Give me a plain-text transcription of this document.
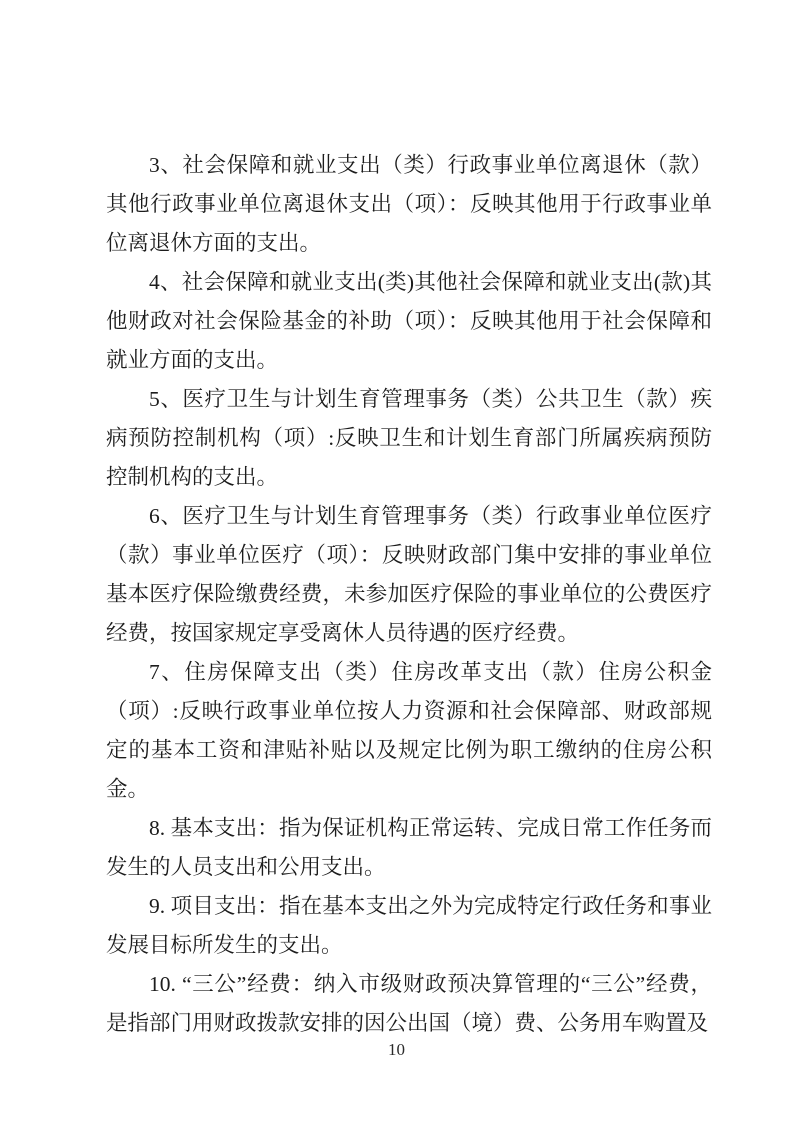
3、社会保障和就业支出（类）行政事业单位离退休（款）其他行政事业单位离退休支出（项）：反映其他用于行政事业单位离退休方面的支出。

4、社会保障和就业支出(类)其他社会保障和就业支出(款)其他财政对社会保险基金的补助（项）：反映其他用于社会保障和就业方面的支出。

5、医疗卫生与计划生育管理事务（类）公共卫生（款）疾病预防控制机构（项）:反映卫生和计划生育部门所属疾病预防控制机构的支出。

6、医疗卫生与计划生育管理事务（类）行政事业单位医疗（款）事业单位医疗（项）：反映财政部门集中安排的事业单位基本医疗保险缴费经费，未参加医疗保险的事业单位的公费医疗经费，按国家规定享受离休人员待遇的医疗经费。

7、住房保障支出（类）住房改革支出（款）住房公积金（项）:反映行政事业单位按人力资源和社会保障部、财政部规定的基本工资和津贴补贴以及规定比例为职工缴纳的住房公积金。

8. 基本支出：指为保证机构正常运转、完成日常工作任务而发生的人员支出和公用支出。

9. 项目支出：指在基本支出之外为完成特定行政任务和事业发展目标所发生的支出。

10. “三公”经费：纳入市级财政预决算管理的“三公”经费，是指部门用财政拨款安排的因公出国（境）费、公务用车购置及

10
